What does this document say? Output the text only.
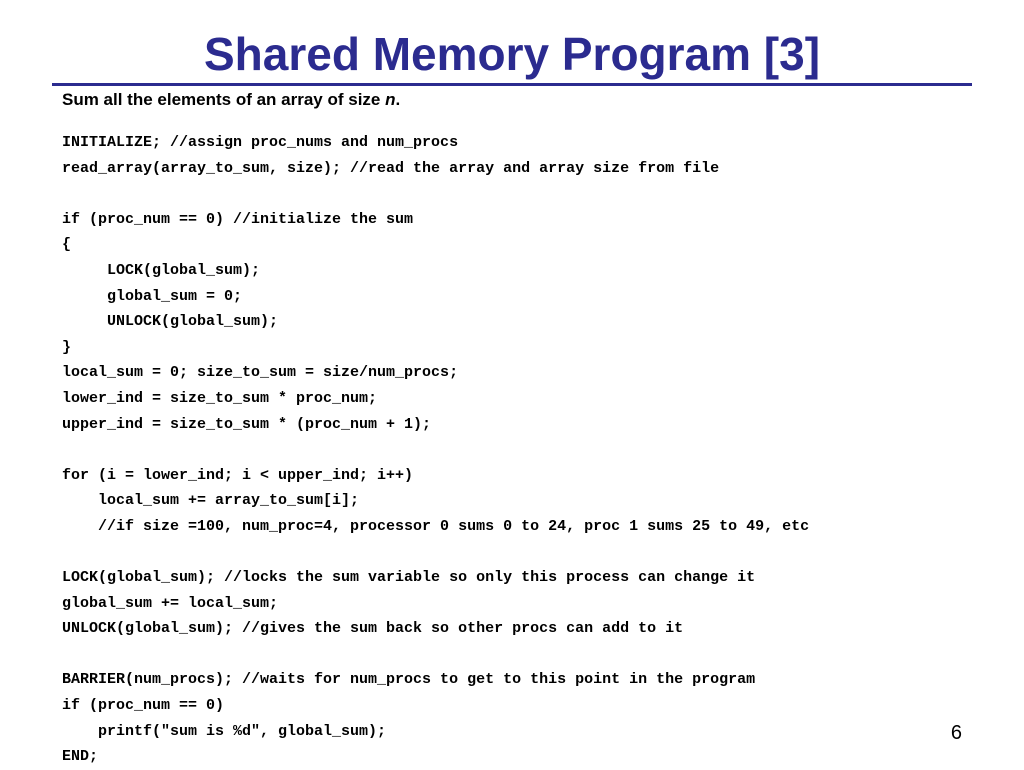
Shared Memory Program [3]

Sum all the elements of an array of size n.

INITIALIZE; //assign proc_nums and num_procs
read_array(array_to_sum, size); //read the array and array size from file
if (proc_num == 0) //initialize the sum
{
LOCK(global_sum);
global_sum = 0;
UNLOCK(global_sum);
}
local_sum = 0; size_to_sum = size/num_procs;
lower_ind = size_to_sum * proc_num;
upper_ind = size_to_sum * (proc_num + 1);
for (i = lower_ind; i < upper_ind; i++)
local_sum += array_to_sum[i];
//if size =100, num_proc=4, processor 0 sums 0 to 24, proc 1 sums 25 to 49, etc
LOCK(global_sum); //locks the sum variable so only this process can change it
global_sum += local_sum;
UNLOCK(global_sum); //gives the sum back so other procs can add to it
BARRIER(num_procs); //waits for num_procs to get to this point in the program
if (proc_num == 0)
printf("sum is %d", global_sum);
END;
6
